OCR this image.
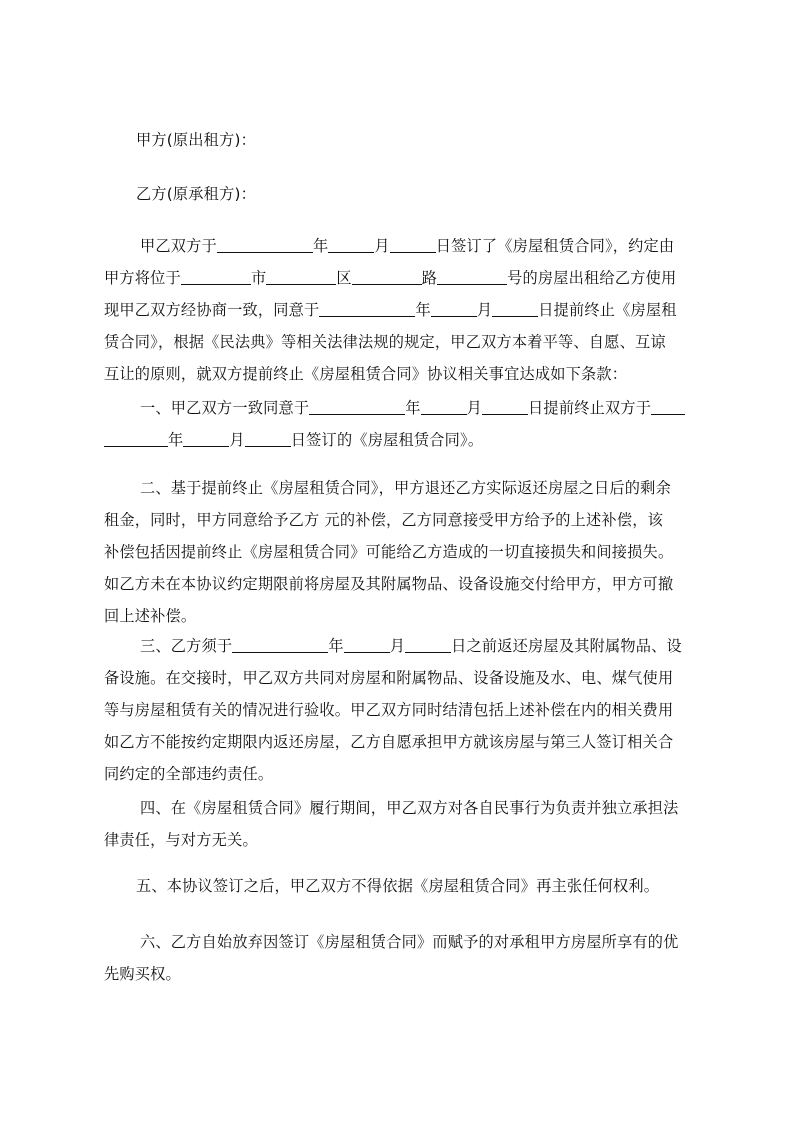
甲方(原出租方)：
乙方(原承租方)：
甲乙双方于	年	月	日签订了《房屋租赁合同》，约定由
甲方将位于	市	区	路	号的房屋出租给乙方使用
现甲乙双方经协商一致，同意于	年	月	日提前终止《房屋租
赁合同》，根据《民法典》等相关法律法规的规定，甲乙双方本着平等、自愿、互谅
互让的原则，就双方提前终止《房屋租赁合同》协议相关事宜达成如下条款：
一、甲乙双方一致同意于	年	月	日提前终止双方于
年	月	日签订的《房屋租赁合同》。
二、基于提前终止《房屋租赁合同》，甲方退还乙方实际返还房屋之日后的剩余
租金，同时，甲方同意给予乙方 元的补偿，乙方同意接受甲方给予的上述补偿，该
补偿包括因提前终止《房屋租赁合同》可能给乙方造成的一切直接损失和间接损失。
如乙方未在本协议约定期限前将房屋及其附属物品、设备设施交付给甲方，甲方可撤
回上述补偿。
三、乙方须于	年	月	日之前返还房屋及其附属物品、设
备设施。在交接时，甲乙双方共同对房屋和附属物品、设备设施及水、电、煤气使用
等与房屋租赁有关的情况进行验收。甲乙双方同时结清包括上述补偿在内的相关费用
如乙方不能按约定期限内返还房屋，乙方自愿承担甲方就该房屋与第三人签订相关合
同约定的全部违约责任。
四、在《房屋租赁合同》履行期间，甲乙双方对各自民事行为负责并独立承担法
律责任，与对方无关。
五、本协议签订之后，甲乙双方不得依据《房屋租赁合同》再主张任何权利。
六、乙方自始放弃因签订《房屋租赁合同》而赋予的对承租甲方房屋所享有的优
先购买权。
